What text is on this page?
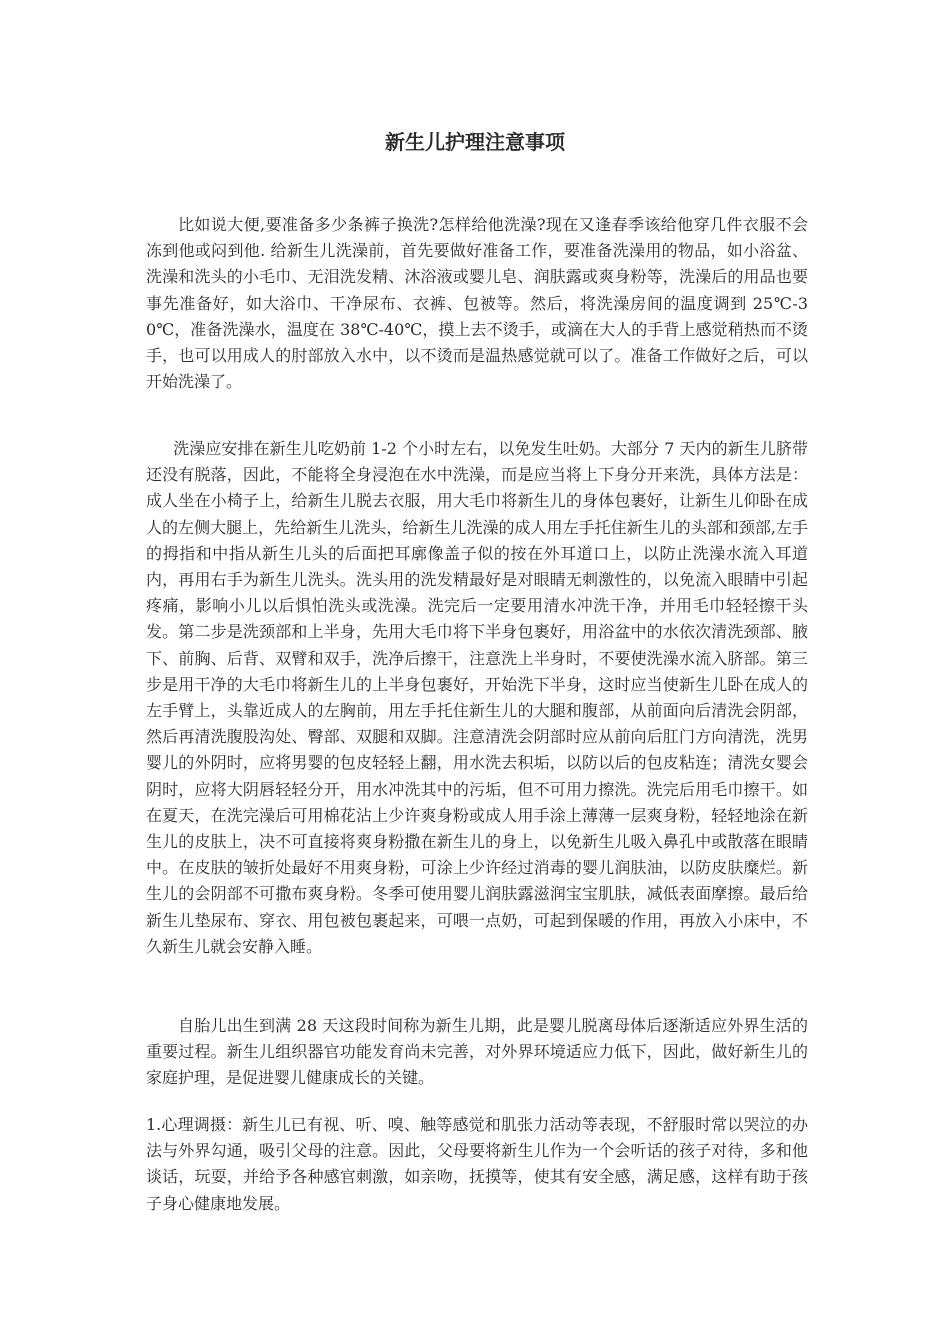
新生儿护理注意事项

比如说大便,要准备多少条裤子换洗?怎样给他洗澡?现在又逢春季该给他穿几件衣服不会冻到他或闷到他. 给新生儿洗澡前，首先要做好准备工作，要准备洗澡用的物品，如小浴盆、洗澡和洗头的小毛巾、无泪洗发精、沐浴液或婴儿皂、润肤露或爽身粉等，洗澡后的用品也要事先准备好，如大浴巾、干净尿布、衣裤、包被等。然后，将洗澡房间的温度调到 25℃-30℃，准备洗澡水，温度在 38℃-40℃，摸上去不烫手，或滴在大人的手背上感觉稍热而不烫手，也可以用成人的肘部放入水中，以不烫而是温热感觉就可以了。准备工作做好之后，可以开始洗澡了。

洗澡应安排在新生儿吃奶前 1-2 个小时左右，以免发生吐奶。大部分 7 天内的新生儿脐带还没有脱落，因此，不能将全身浸泡在水中洗澡，而是应当将上下身分开来洗，具体方法是：成人坐在小椅子上，给新生儿脱去衣服，用大毛巾将新生儿的身体包裹好，让新生儿仰卧在成人的左侧大腿上，先给新生儿洗头，给新生儿洗澡的成人用左手托住新生儿的头部和颈部,左手的拇指和中指从新生儿头的后面把耳廓像盖子似的按在外耳道口上，以防止洗澡水流入耳道内，再用右手为新生儿洗头。洗头用的洗发精最好是对眼睛无刺激性的，以免流入眼睛中引起疼痛，影响小儿以后惧怕洗头或洗澡。洗完后一定要用清水冲洗干净，并用毛巾轻轻擦干头发。第二步是洗颈部和上半身，先用大毛巾将下半身包裹好，用浴盆中的水依次清洗颈部、腋下、前胸、后背、双臂和双手，洗净后擦干，注意洗上半身时，不要使洗澡水流入脐部。第三步是用干净的大毛巾将新生儿的上半身包裹好，开始洗下半身，这时应当使新生儿卧在成人的左手臂上，头靠近成人的左胸前，用左手托住新生儿的大腿和腹部，从前面向后清洗会阴部，然后再清洗腹股沟处、臀部、双腿和双脚。注意清洗会阴部时应从前向后肛门方向清洗，洗男婴儿的外阴时，应将男婴的包皮轻轻上翻，用水洗去积垢，以防以后的包皮粘连；清洗女婴会阴时，应将大阴唇轻轻分开，用水冲洗其中的污垢，但不可用力擦洗。洗完后用毛巾擦干。如在夏天，在洗完澡后可用棉花沾上少许爽身粉或成人用手涂上薄薄一层爽身粉，轻轻地涂在新生儿的皮肤上，决不可直接将爽身粉撒在新生儿的身上，以免新生儿吸入鼻孔中或散落在眼睛中。在皮肤的皱折处最好不用爽身粉，可涂上少许经过消毒的婴儿润肤油，以防皮肤糜烂。新生儿的会阴部不可撒布爽身粉。冬季可使用婴儿润肤露滋润宝宝肌肤，减低表面摩擦。最后给新生儿垫尿布、穿衣、用包被包裹起来，可喂一点奶，可起到保暖的作用，再放入小床中，不久新生儿就会安静入睡。

自胎儿出生到满 28 天这段时间称为新生儿期，此是婴儿脱离母体后逐渐适应外界生活的重要过程。新生儿组织器官功能发育尚未完善，对外界环境适应力低下，因此，做好新生儿的家庭护理，是促进婴儿健康成长的关键。

1.心理调摄：新生儿已有视、听、嗅、触等感觉和肌张力活动等表现，不舒服时常以哭泣的办法与外界勾通，吸引父母的注意。因此，父母要将新生儿作为一个会听话的孩子对待，多和他谈话，玩耍，并给予各种感官刺激，如亲吻，抚摸等，使其有安全感，满足感，这样有助于孩子身心健康地发展。
